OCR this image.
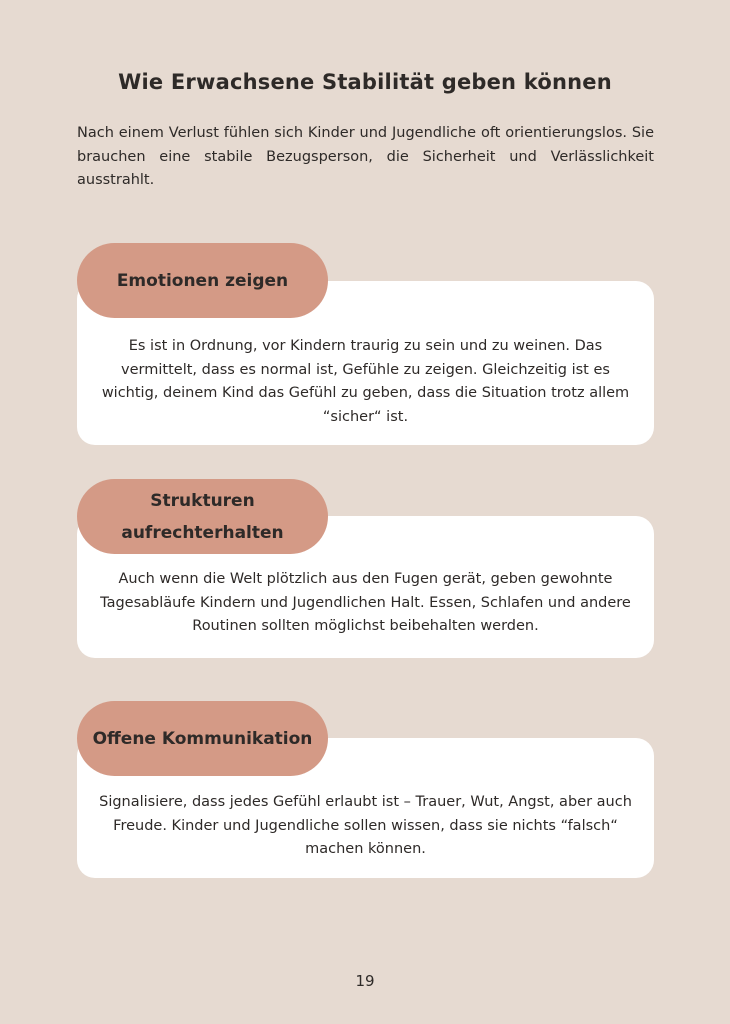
Wie Erwachsene Stabilität geben können

Nach einem Verlust fühlen sich Kinder und Jugendliche oft orientierungslos. Sie brauchen eine stabile Bezugsperson, die Sicherheit und Verlässlichkeit ausstrahlt.

Es ist in Ordnung, vor Kindern traurig zu sein und zu weinen. Das vermittelt, dass es normal ist, Gefühle zu zeigen. Gleichzeitig ist es wichtig, deinem Kind das Gefühl zu geben, dass die Situation trotz allem “sicher“ ist.

Emotionen zeigen

Auch wenn die Welt plötzlich aus den Fugen gerät, geben gewohnte Tagesabläufe Kindern und Jugendlichen Halt. Essen, Schlafen und andere Routinen sollten möglichst beibehalten werden.

Strukturen aufrechterhalten

Signalisiere, dass jedes Gefühl erlaubt ist – Trauer, Wut, Angst, aber auch Freude. Kinder und Jugendliche sollen wissen, dass sie nichts “falsch“ machen können.

Offene Kommunikation
19
